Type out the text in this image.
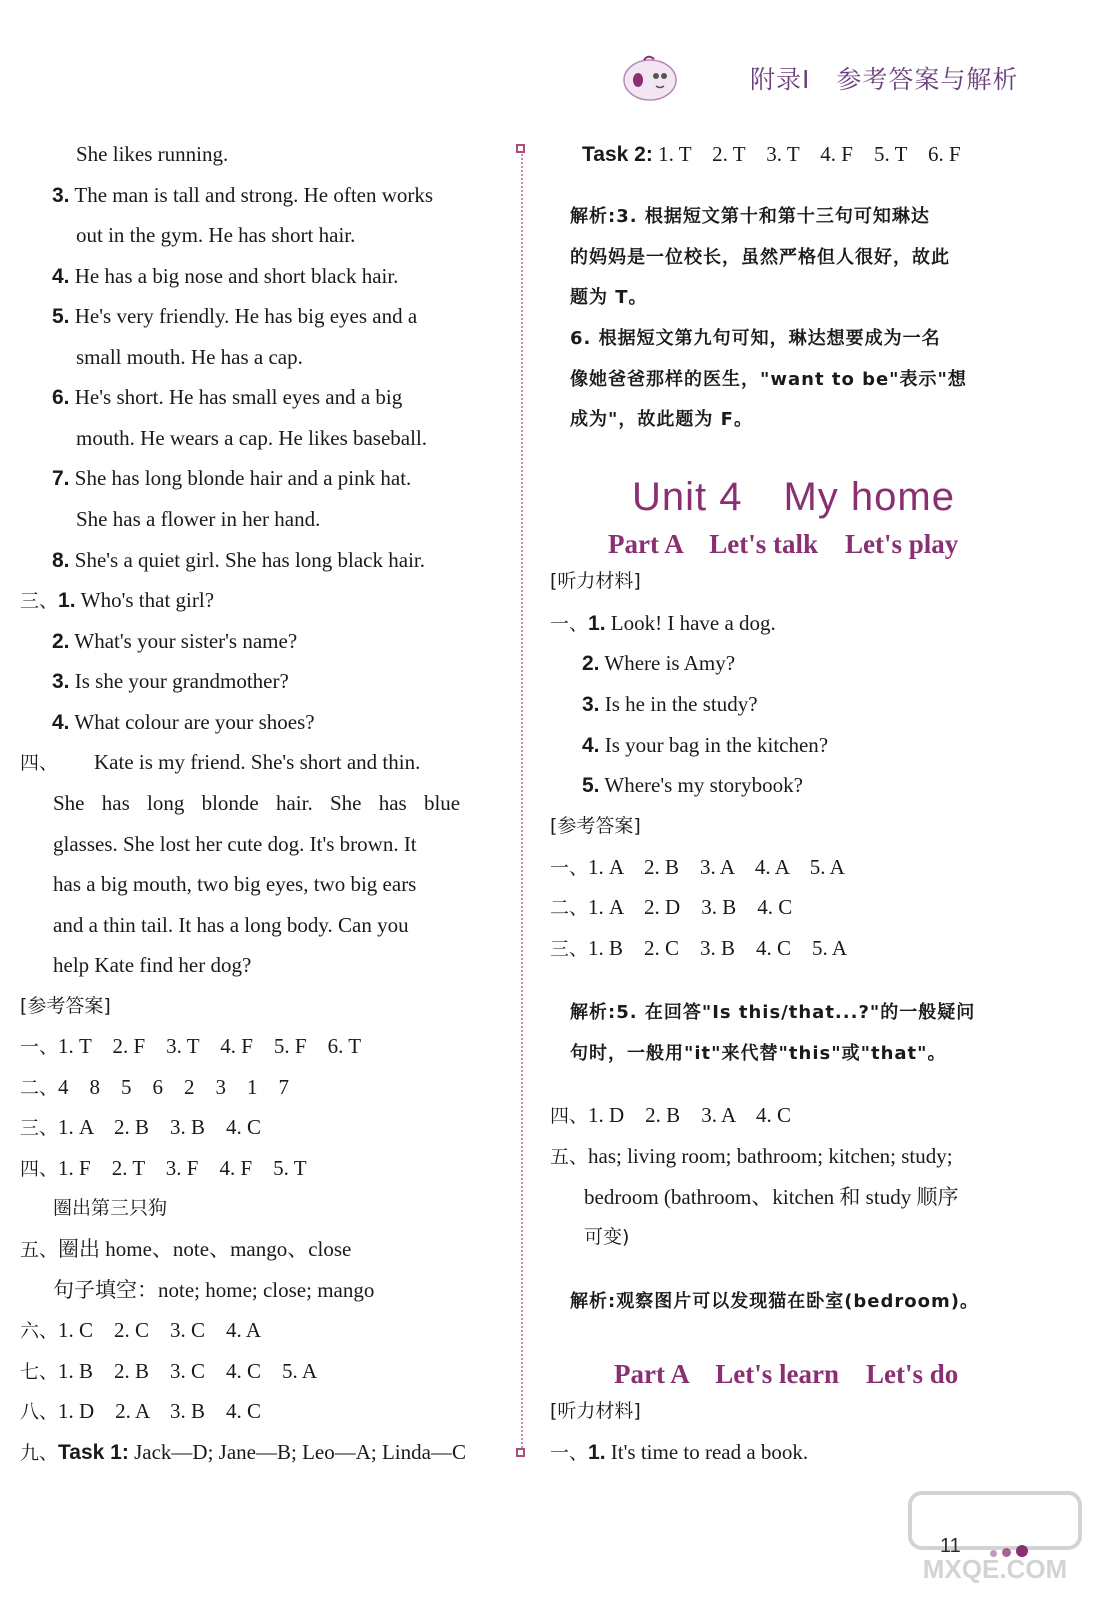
附录Ⅰ　参考答案与解析
She likes running.
3. The man is tall and strong. He often works
out in the gym. He has short hair.
4. He has a big nose and short black hair.
5. He's very friendly. He has big eyes and a
small mouth. He has a cap.
6. He's short. He has small eyes and a big
mouth. He wears a cap. He likes baseball.
7. She has long blonde hair and a pink hat.
She has a flower in her hand.
8. She's a quiet girl. She has long black hair.
三、1. Who's that girl?
2. What's your sister's name?
3. Is she your grandmother?
4. What colour are your shoes?
四、 Kate is my friend. She's short and thin.
She has long blonde hair. She has blue
glasses. She lost her cute dog. It's brown. It
has a big mouth, two big eyes, two big ears
and a thin tail. It has a long body. Can you
help Kate find her dog?
[参考答案]
一、1. T　2. F　3. T　4. F　5. F　6. T
二、4　8　5　6　2　3　1　7
三、1. A　2. B　3. B　4. C
四、1. F　2. T　3. F　4. F　5. T
圈出第三只狗
五、圈出 home、note、mango、close
句子填空：note; home; close; mango
六、1. C　2. C　3. C　4. A
七、1. B　2. B　3. C　4. C　5. A
八、1. D　2. A　3. B　4. C
九、Task 1: Jack—D; Jane—B; Leo—A; Linda—C
Task 2: 1. T　2. T　3. T　4. F　5. T　6. F
解析:3. 根据短文第十和第十三句可知琳达
的妈妈是一位校长，虽然严格但人很好，故此
题为 T。
6. 根据短文第九句可知，琳达想要成为一名
像她爸爸那样的医生，"want to be"表示"想
成为"，故此题为 F。
Unit 4　My home
Part A　Let's talk　Let's play
[听力材料]
一、1. Look! I have a dog.
2. Where is Amy?
3. Is he in the study?
4. Is your bag in the kitchen?
5. Where's my storybook?
[参考答案]
一、1. A　2. B　3. A　4. A　5. A
二、1. A　2. D　3. B　4. C
三、1. B　2. C　3. B　4. C　5. A
解析:5. 在回答"Is this/that...?"的一般疑问
句时，一般用"it"来代替"this"或"that"。
四、1. D　2. B　3. A　4. C
五、has; living room; bathroom; kitchen; study;
bedroom (bathroom、kitchen 和 study 顺序
可变)
解析:观察图片可以发现猫在卧室(bedroom)。
Part A　Let's learn　Let's do
[听力材料]
一、1. It's time to read a book.
11
MXQE.COM
